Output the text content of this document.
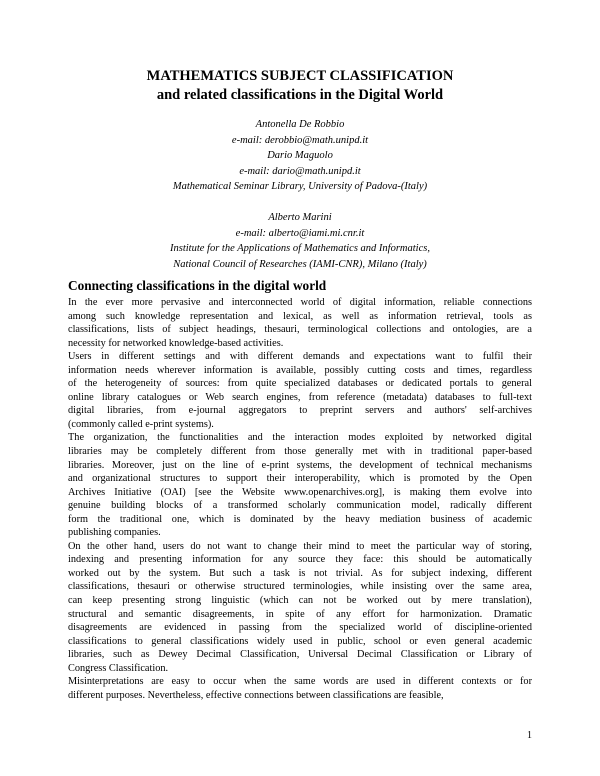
MATHEMATICS SUBJECT CLASSIFICATION
and related classifications in the Digital World
Antonella De Robbio
e-mail: derobbio@math.unipd.it
Dario Maguolo
e-mail: dario@math.unipd.it
Mathematical Seminar Library, University of Padova-(Italy)
Alberto Marini
e-mail: alberto@iami.mi.cnr.it
Institute for the Applications of Mathematics and Informatics,
National Council of Researches (IAMI-CNR), Milano (Italy)
Connecting classifications in the digital world
In the ever more pervasive and interconnected world of digital information, reliable connections
among such knowledge representation and lexical, as well as information retrieval, tools as
classifications, lists of subject headings, thesauri, terminological collections and ontologies, are a
necessity for networked knowledge-based activities.
Users in different settings and with different demands and expectations want to fulfil their
information needs wherever information is available, possibly cutting costs and times, regardless
of the heterogeneity of sources: from quite specialized databases or dedicated portals to general
online library catalogues or Web search engines, from reference (metadata) databases to full-text
digital libraries, from e-journal aggregators to preprint servers and authors' self-archives
(commonly called e-print systems).
The organization, the functionalities and the interaction modes exploited by networked digital
libraries may be completely different from those generally met with in traditional paper-based
libraries. Moreover, just on the line of e-print systems, the development of technical mechanisms
and organizational structures to support their interoperability, which is promoted by the Open
Archives Initiative (OAI) [see the Website www.openarchives.org], is making them evolve into
genuine building blocks of a transformed scholarly communication model, radically different
form the traditional one, which is dominated by the heavy mediation business of academic
publishing companies.
On the other hand, users do not want to change their mind to meet the particular way of storing,
indexing and presenting information for any source they face: this should be automatically
worked out by the system. But such a task is not trivial. As for subject indexing, different
classifications, thesauri or otherwise structured terminologies, while insisting over the same area,
can keep presenting strong linguistic (which can not be worked out by mere translation),
structural and semantic disagreements, in spite of any effort for harmonization. Dramatic
disagreements are evidenced in passing from the specialized world of discipline-oriented
classifications to general classifications widely used in public, school or even general academic
libraries, such as Dewey Decimal Classification, Universal Decimal Classification or Library of
Congress Classification.
Misinterpretations are easy to occur when the same words are used in different contexts or for
different purposes. Nevertheless, effective connections between classifications are feasible,
1
